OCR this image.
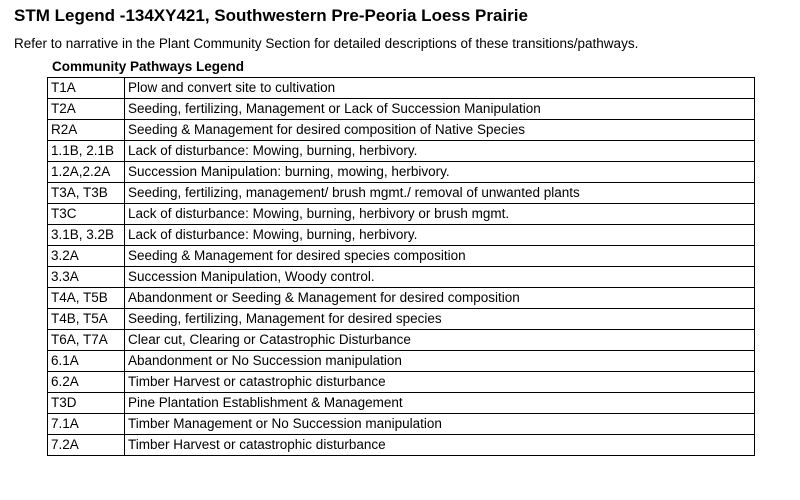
STM Legend -134XY421, Southwestern Pre-Peoria Loess Prairie
Refer to narrative in the Plant Community Section for detailed descriptions of these transitions/pathways.
Community Pathways Legend
T1A	Plow and convert site to cultivation
T2A	Seeding, fertilizing, Management or Lack of Succession Manipulation
R2A	Seeding & Management for desired composition of Native Species
1.1B, 2.1B	Lack of disturbance: Mowing, burning, herbivory.
1.2A,2.2A	Succession Manipulation: burning, mowing, herbivory.
T3A, T3B	Seeding, fertilizing, management/ brush mgmt./ removal of unwanted plants
T3C	Lack of disturbance: Mowing, burning, herbivory or brush mgmt.
3.1B, 3.2B	Lack of disturbance: Mowing, burning, herbivory.
3.2A	Seeding & Management for desired species composition
3.3A	Succession Manipulation, Woody control.
T4A, T5B	Abandonment or Seeding & Management for desired composition
T4B, T5A	Seeding, fertilizing, Management for desired species
T6A, T7A	Clear cut, Clearing or Catastrophic Disturbance
6.1A	Abandonment or No Succession manipulation
6.2A	Timber Harvest or catastrophic disturbance
T3D	Pine Plantation Establishment & Management
7.1A	Timber Management or No Succession manipulation
7.2A	Timber Harvest or catastrophic disturbance
